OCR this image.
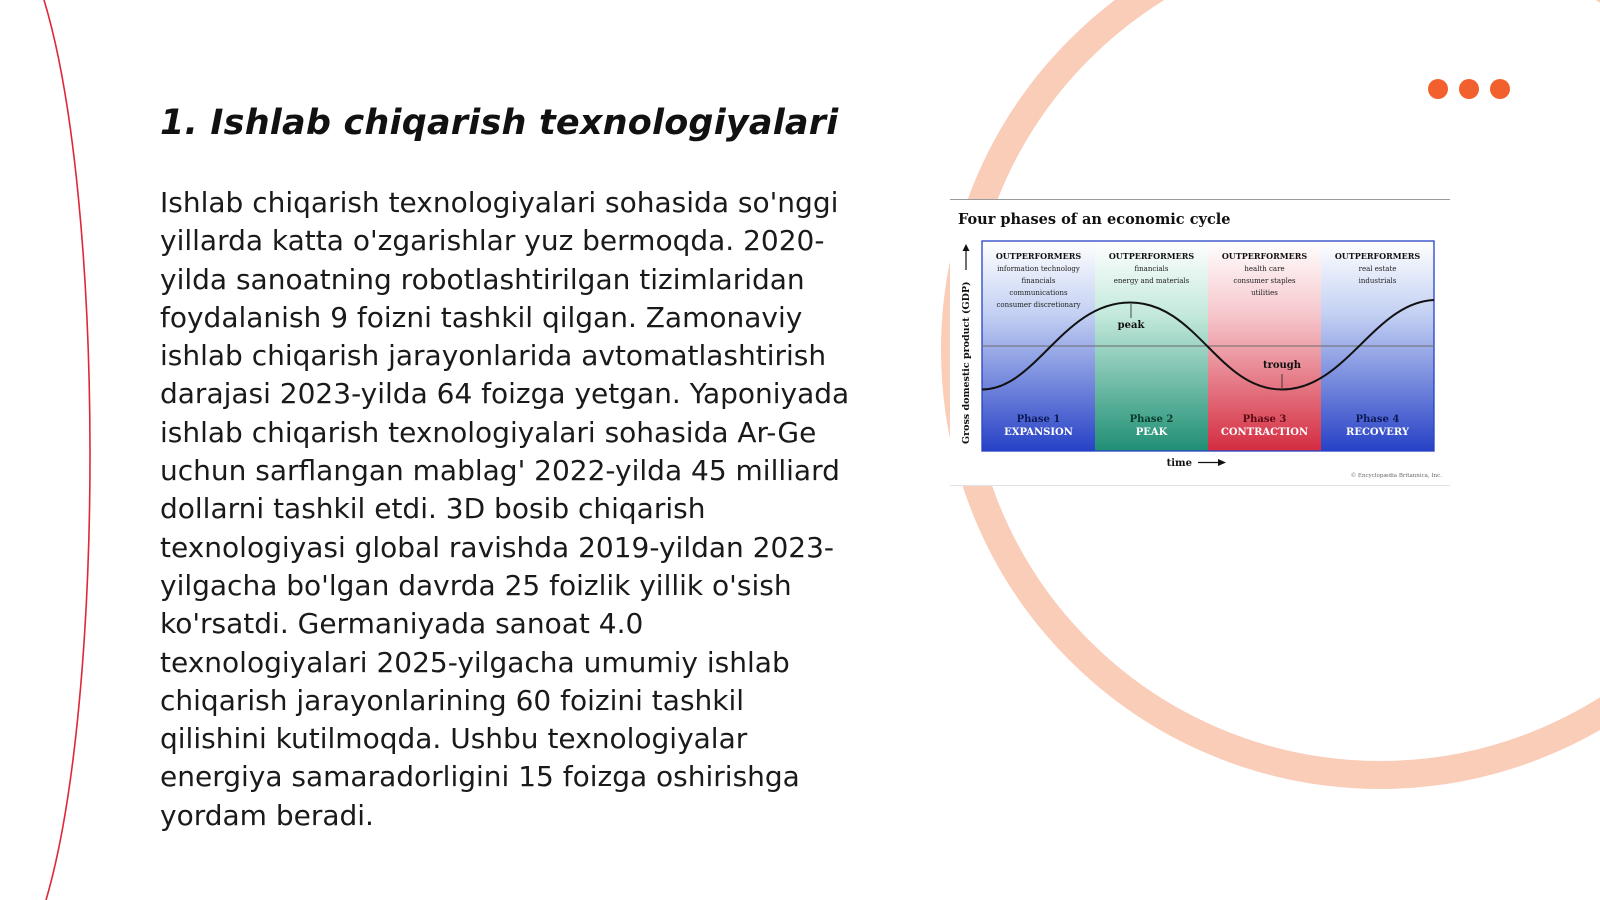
1. Ishlab chiqarish texnologiyalari

Ishlab chiqarish texnologiyalari sohasida so'nggi yillarda katta o'zgarishlar yuz bermoqda. 2020-yilda sanoatning robotlashtirilgan tizimlaridan foydalanish 9 foizni tashkil qilgan. Zamonaviy ishlab chiqarish jarayonlarida avtomatlashtirish darajasi 2023-yilda 64 foizga yetgan. Yaponiyada ishlab chiqarish texnologiyalari sohasida Ar-Ge uchun sarflangan mablag' 2022-yilda 45 milliard dollarni tashkil etdi. 3D bosib chiqarish texnologiyasi global ravishda 2019-yildan 2023-yilgacha bo'lgan davrda 25 foizlik yillik o'sish ko'rsatdi. Germaniyada sanoat 4.0 texnologiyalari 2025-yilgacha umumiy ishlab chiqarish jarayonlarining 60 foizini tashkil qilishini kutilmoqda. Ushbu texnologiyalar energiya samaradorligini 15 foizga oshirishga yordam beradi.

Four phases of an economic cycle
peak
trough
OUTPERFORMERS	OUTPERFORMERS	OUTPERFORMERS	OUTPERFORMERS
information technology
financials
communications
consumer discretionary
financials
energy and materials
health care
consumer staples
utilities
real estate
industrials
Phase 1
EXPANSION
Phase 2
PEAK
Phase 3
CONTRACTION
Phase 4
RECOVERY
Gross domestic product (GDP)
time
© Encyclopædia Britannica, Inc.
